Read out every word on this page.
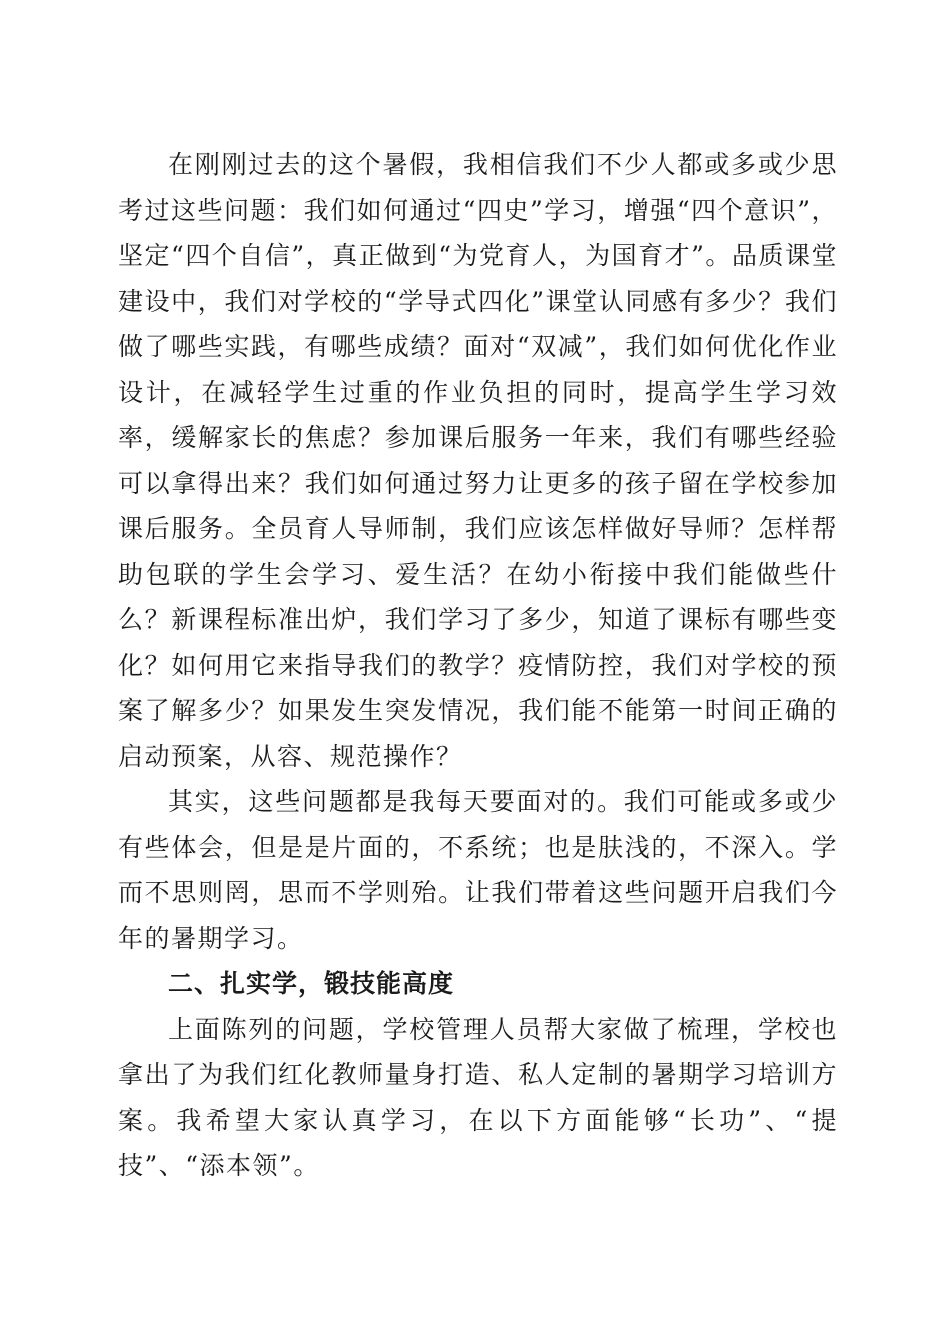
在刚刚过去的这个暑假，我相信我们不少人都或多或少思考过这些问题：我们如何通过“四史”学习，增强“四个意识”，坚定“四个自信”，真正做到“为党育人，为国育才”。品质课堂建设中，我们对学校的“学导式四化”课堂认同感有多少？我们做了哪些实践，有哪些成绩？面对“双减”，我们如何优化作业设计，在减轻学生过重的作业负担的同时，提高学生学习效率，缓解家长的焦虑？参加课后服务一年来，我们有哪些经验可以拿得出来？我们如何通过努力让更多的孩子留在学校参加课后服务。全员育人导师制，我们应该怎样做好导师？怎样帮助包联的学生会学习、爱生活？在幼小衔接中我们能做些什么？新课程标准出炉，我们学习了多少，知道了课标有哪些变化？如何用它来指导我们的教学？疫情防控，我们对学校的预案了解多少？如果发生突发情况，我们能不能第一时间正确的启动预案，从容、规范操作？

其实，这些问题都是我每天要面对的。我们可能或多或少有些体会，但是是片面的，不系统；也是肤浅的，不深入。学而不思则罔，思而不学则殆。让我们带着这些问题开启我们今年的暑期学习。

二、扎实学，锻技能高度

上面陈列的问题，学校管理人员帮大家做了梳理，学校也拿出了为我们红化教师量身打造、私人定制的暑期学习培训方案。我希望大家认真学习，在以下方面能够“长功”、“提技”、“添本领”。
